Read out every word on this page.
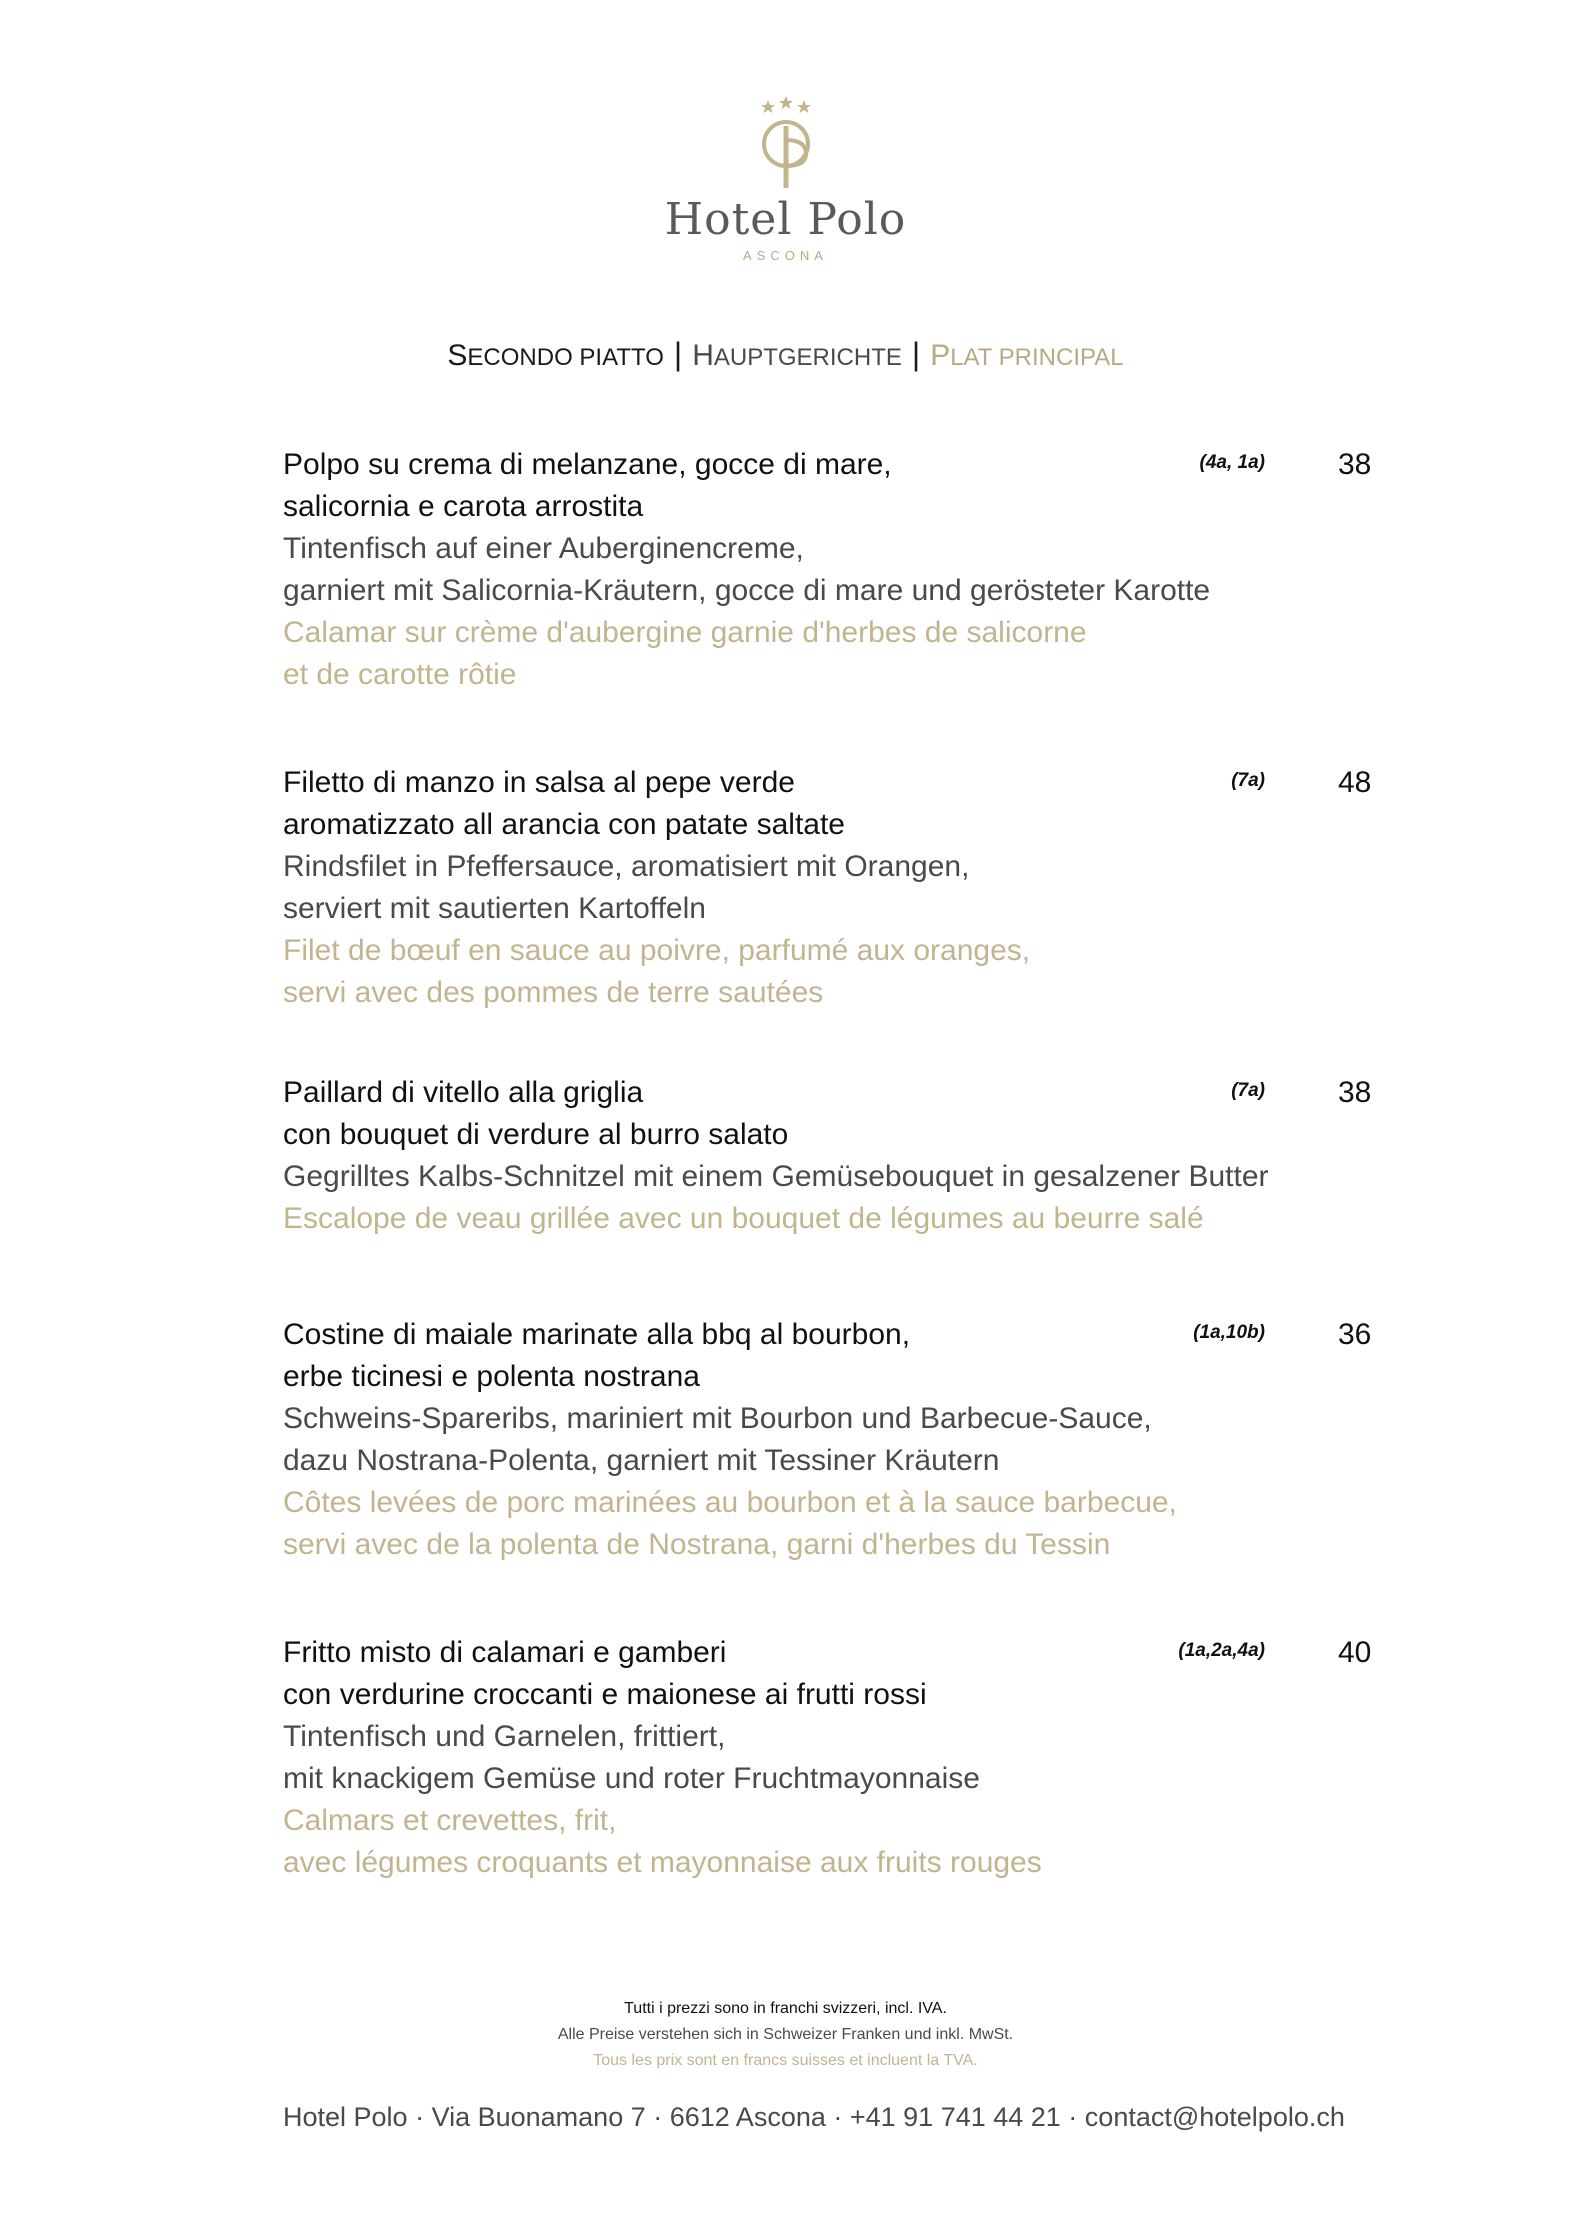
Hotel Polo
ASCONA
SECONDO PIATTO | HAUPTGERICHTE | PLAT PRINCIPAL
Polpo su crema di melanzane, gocce di mare,
salicornia e carota arrostita
Tintenfisch auf einer Auberginencreme,
garniert mit Salicornia-Kräutern, gocce di mare und gerösteter Karotte
Calamar sur crème d'aubergine garnie d'herbes de salicorne
et de carotte rôtie
(4a, 1a) 38
Filetto di manzo in salsa al pepe verde
aromatizzato all arancia con patate saltate
Rindsfilet in Pfeffersauce, aromatisiert mit Orangen,
serviert mit sautierten Kartoffeln
Filet de bœuf en sauce au poivre, parfumé aux oranges,
servi avec des pommes de terre sautées
(7a) 48
Paillard di vitello alla griglia
con bouquet di verdure al burro salato
Gegrilltes Kalbs-Schnitzel mit einem Gemüsebouquet in gesalzener Butter
Escalope de veau grillée avec un bouquet de légumes au beurre salé
(7a) 38
Costine di maiale marinate alla bbq al bourbon,
erbe ticinesi e polenta nostrana
Schweins-Spareribs, mariniert mit Bourbon und Barbecue-Sauce,
dazu Nostrana-Polenta, garniert mit Tessiner Kräutern
Côtes levées de porc marinées au bourbon et à la sauce barbecue,
servi avec de la polenta de Nostrana, garni d'herbes du Tessin
(1a,10b) 36
Fritto misto di calamari e gamberi
con verdurine croccanti e maionese ai frutti rossi
Tintenfisch und Garnelen, frittiert,
mit knackigem Gemüse und roter Fruchtmayonnaise
Calmars et crevettes, frit,
avec légumes croquants et mayonnaise aux fruits rouges
(1a,2a,4a) 40
Tutti i prezzi sono in franchi svizzeri, incl. IVA.
Alle Preise verstehen sich in Schweizer Franken und inkl. MwSt.
Tous les prix sont en francs suisses et incluent la TVA.
Hotel Polo · Via Buonamano 7 · 6612 Ascona · +41 91 741 44 21 · contact@hotelpolo.ch
